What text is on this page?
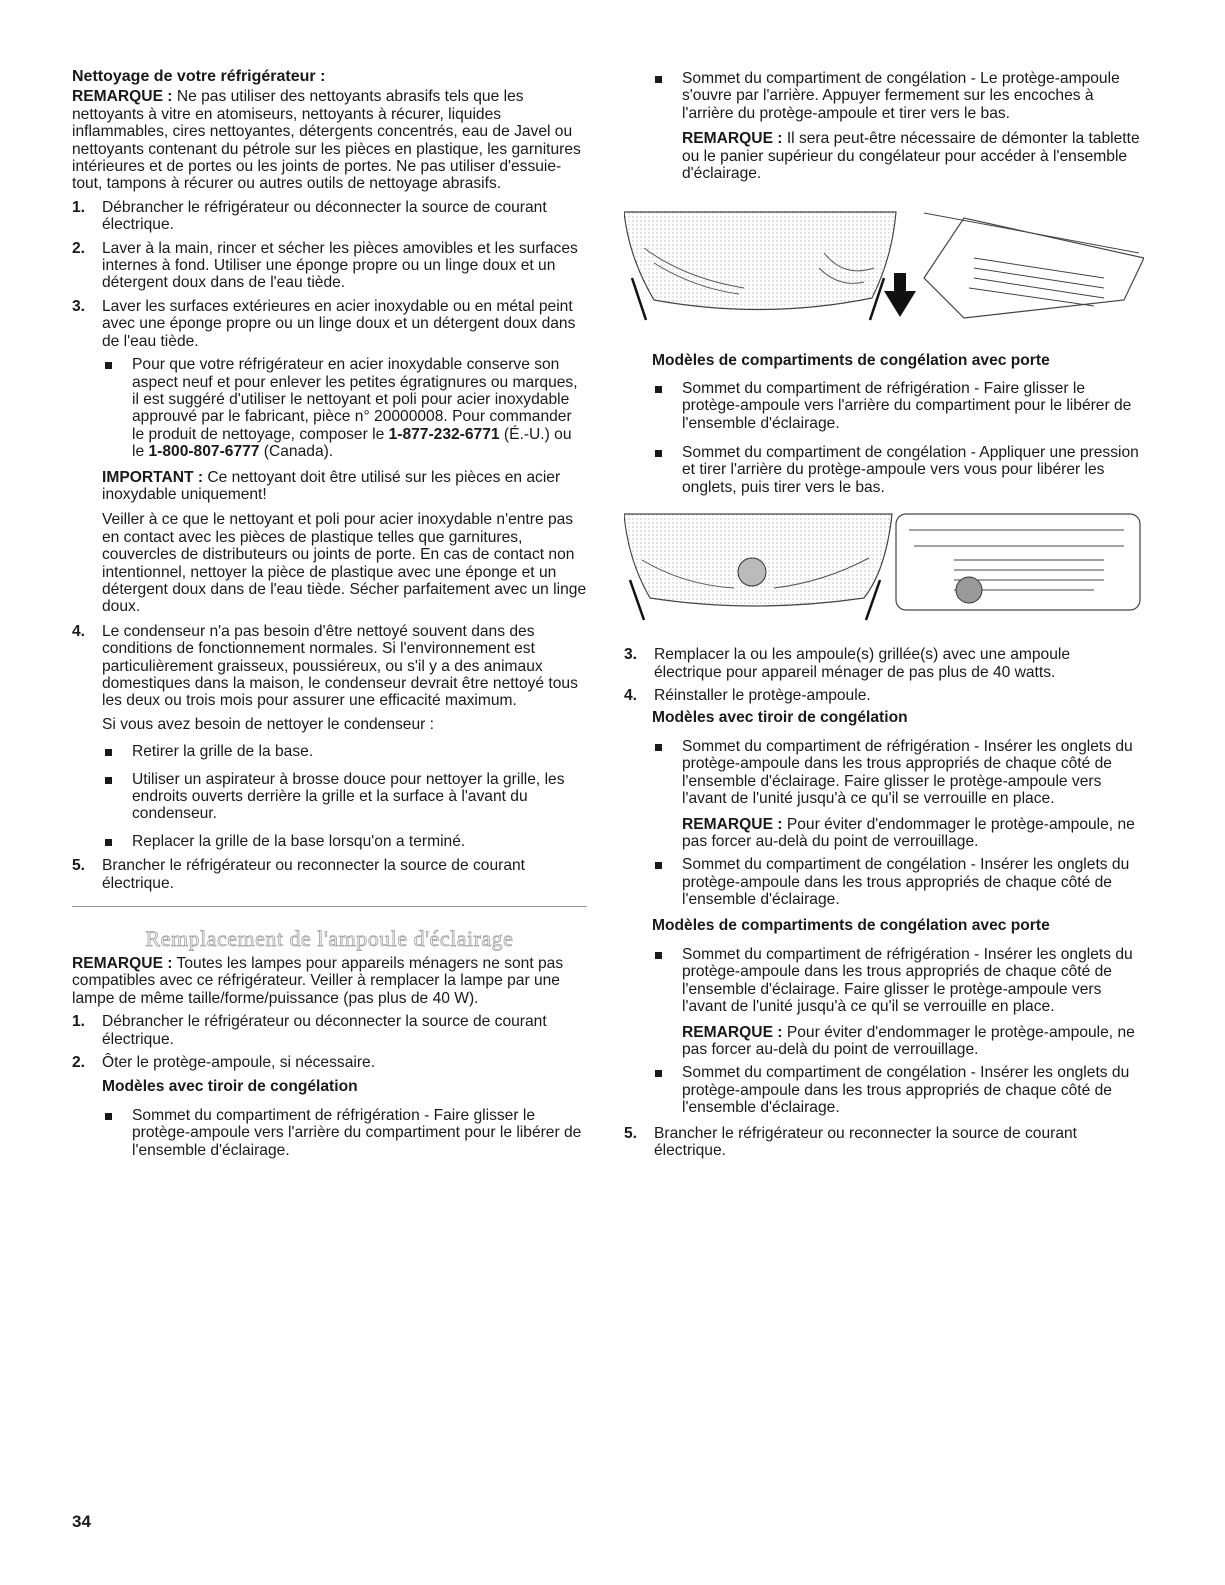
Nettoyage de votre réfrigérateur :

REMARQUE : Ne pas utiliser des nettoyants abrasifs tels que les nettoyants à vitre en atomiseurs, nettoyants à récurer, liquides inflammables, cires nettoyantes, détergents concentrés, eau de Javel ou nettoyants contenant du pétrole sur les pièces en plastique, les garnitures intérieures et de portes ou les joints de portes. Ne pas utiliser d'essuie-tout, tampons à récurer ou autres outils de nettoyage abrasifs.

1. Débrancher le réfrigérateur ou déconnecter la source de courant électrique.
2. Laver à la main, rincer et sécher les pièces amovibles et les surfaces internes à fond. Utiliser une éponge propre ou un linge doux et un détergent doux dans de l'eau tiède.
3. Laver les surfaces extérieures en acier inoxydable ou en métal peint avec une éponge propre ou un linge doux et un détergent doux dans de l'eau tiède.
Pour que votre réfrigérateur en acier inoxydable conserve son aspect neuf et pour enlever les petites égratignures ou marques, il est suggéré d'utiliser le nettoyant et poli pour acier inoxydable approuvé par le fabricant, pièce n° 20000008. Pour commander le produit de nettoyage, composer le 1-877-232-6771 (É.-U.) ou le 1-800-807-6777 (Canada).

IMPORTANT : Ce nettoyant doit être utilisé sur les pièces en acier inoxydable uniquement!

Veiller à ce que le nettoyant et poli pour acier inoxydable n'entre pas en contact avec les pièces de plastique telles que garnitures, couvercles de distributeurs ou joints de porte. En cas de contact non intentionnel, nettoyer la pièce de plastique avec une éponge et un détergent doux dans de l'eau tiède. Sécher parfaitement avec un linge doux.

4. Le condenseur n'a pas besoin d'être nettoyé souvent dans des conditions de fonctionnement normales. Si l'environnement est particulièrement graisseux, poussiéreux, ou s'il y a des animaux domestiques dans la maison, le condenseur devrait être nettoyé tous les deux ou trois mois pour assurer une efficacité maximum.

Si vous avez besoin de nettoyer le condenseur :

Retirer la grille de la base.
Utiliser un aspirateur à brosse douce pour nettoyer la grille, les endroits ouverts derrière la grille et la surface à l'avant du condenseur.
Replacer la grille de la base lorsqu'on a terminé.
5. Brancher le réfrigérateur ou reconnecter la source de courant électrique.

Remplacement de l'ampoule d'éclairage

REMARQUE : Toutes les lampes pour appareils ménagers ne sont pas compatibles avec ce réfrigérateur. Veiller à remplacer la lampe par une lampe de même taille/forme/puissance (pas plus de 40 W).

1. Débrancher le réfrigérateur ou déconnecter la source de courant électrique.
2. Ôter le protège-ampoule, si nécessaire.

Modèles avec tiroir de congélation

Sommet du compartiment de réfrigération - Faire glisser le protège-ampoule vers l'arrière du compartiment pour le libérer de l'ensemble d'éclairage.
Sommet du compartiment de congélation - Le protège-ampoule s'ouvre par l'arrière. Appuyer fermement sur les encoches à l'arrière du protège-ampoule et tirer vers le bas.

REMARQUE : Il sera peut-être nécessaire de démonter la tablette ou le panier supérieur du congélateur pour accéder à l'ensemble d'éclairage.

Modèles de compartiments de congélation avec porte

Sommet du compartiment de réfrigération - Faire glisser le protège-ampoule vers l'arrière du compartiment pour le libérer de l'ensemble d'éclairage.
Sommet du compartiment de congélation - Appliquer une pression et tirer l'arrière du protège-ampoule vers vous pour libérer les onglets, puis tirer vers le bas.
3. Remplacer la ou les ampoule(s) grillée(s) avec une ampoule électrique pour appareil ménager de pas plus de 40 watts.
4. Réinstaller le protège-ampoule.

Modèles avec tiroir de congélation

Sommet du compartiment de réfrigération - Insérer les onglets du protège-ampoule dans les trous appropriés de chaque côté de l'ensemble d'éclairage. Faire glisser le protège-ampoule vers l'avant de l'unité jusqu'à ce qu'il se verrouille en place.

REMARQUE : Pour éviter d'endommager le protège-ampoule, ne pas forcer au-delà du point de verrouillage.

Sommet du compartiment de congélation - Insérer les onglets du protège-ampoule dans les trous appropriés de chaque côté de l'ensemble d'éclairage.

Modèles de compartiments de congélation avec porte

Sommet du compartiment de réfrigération - Insérer les onglets du protège-ampoule dans les trous appropriés de chaque côté de l'ensemble d'éclairage. Faire glisser le protège-ampoule vers l'avant de l'unité jusqu'à ce qu'il se verrouille en place.

REMARQUE : Pour éviter d'endommager le protège-ampoule, ne pas forcer au-delà du point de verrouillage.

Sommet du compartiment de congélation - Insérer les onglets du protège-ampoule dans les trous appropriés de chaque côté de l'ensemble d'éclairage.
5. Brancher le réfrigérateur ou reconnecter la source de courant électrique.
34
